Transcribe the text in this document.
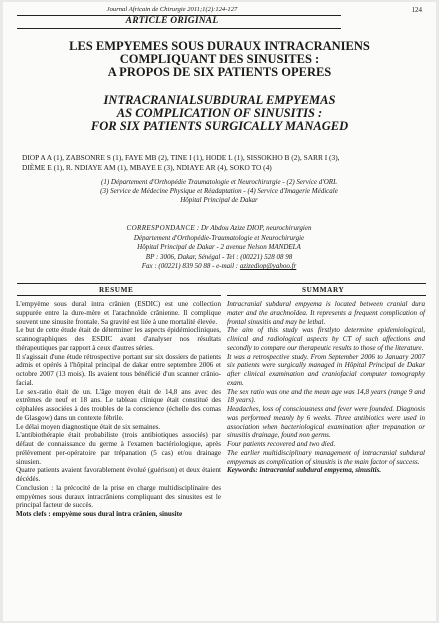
Journal Africain de Chirurgie 2011;1(2):124-127	124
ARTICLE ORIGINAL
LES EMPYEMES SOUS DURAUX INTRACRANIENS
COMPLIQUANT DES SINUSITES :
A PROPOS DE SIX PATIENTS OPERES
INTRACRANIALSUBDURAL EMPYEMAS
AS COMPLICATION OF SINUSITIS :
FOR SIX PATIENTS SURGICALLY MANAGED
DIOP A A (1), ZABSONRE S (1), FAYE MB (2), TINE I (1), HODE L (1), SISSOKHO B (2), SARR I (3),
DIÈME E (1), R. NDIAYE AM (1), MBAYE E (3), NDIAYE AR (4), SOKO TO (4)
(1) Département d'Orthopédie Traumatologie et Neurochirurgie - (2) Service d'ORL
(3) Service de Médecine Physique et Réadaptation - (4) Service d'Imagerie Médicale
Hôpital Principal de Dakar
CORRESPONDANCE : Dr Abdou Azize DIOP, neurochirurgien
Département d'Orthopédie-Traumatologie et Neurochirurgie
Hôpital Principal de Dakar - 2 avenue Nelson MANDELA
BP : 3006, Dakar, Sénégal - Tel : (00221) 528 08 98
Fax : (00221) 839 50 88 - e-mail : azizediop@yahoo.fr
RESUME	SUMMARY

L'empyème sous dural intra crânien (ESDIC) est une collection suppurée entre la dure-mère et l'arachnoïde crânienne. Il complique souvent une sinusite frontale. Sa gravité est liée à une mortalité élevée.

Le but de cette étude était de déterminer les aspects épidémiocliniques, scannographiques des ESDIC avant d'analyser nos résultats thérapeutiques par rapport à ceux d'autres séries.

Il s'agissait d'une étude rétrospective portant sur six dossiers de patients admis et opérés à l'hôpital principal de dakar entre septembre 2006 et octobre 2007 (13 mois). Ils avaient tous bénéficié d'un scanner crânio-facial.

Le sex-ratio était de un. L'âge moyen était de 14,8 ans avec des extrêmes de neuf et 18 ans. Le tableau clinique était constitué des céphalées associées à des troubles de la conscience (échelle des comas de Glasgow) dans un contexte fébrile.

Le délai moyen diagnostique était de six semaines.

L'antibiothérapie était probabiliste (trois antibiotiques associés) par défaut de connaissance du germe à l'examen bactériologique, après prélèvement per-opératoire par trépanation (5 cas) et/ou drainage sinusien.

Quatre patients avaient favorablement évolué (guérison) et deux étaient décédés.

Conclusion : la précocité de la prise en charge multidisciplinaire des empyèmes sous duraux intracrâniens compliquant des sinusites est le principal facteur de succès.

Mots clefs : empyème sous dural intra crânien, sinusite

Intracranial subdural empyema is located between cranial dura mater and the arachnoïdea. It represents a frequent complication of frontal sinusitis and may be lethal.

The aim of this study was firstlyto determine epidemiological, clinical and radiological aspects by CT of such affections and secondly to compare our therapeutic results to those of the literature.

It was a retrospective study. From September 2006 to January 2007 six patients were surgically managed in Hôpital Principal de Dakar after clinical examination and craniofacial computer tomography exam.

The sex ratio was one and the mean age was 14,8 years (range 9 and 18 years).

Headaches, loss of consciousness and fever were founded. Diagnosis was performed meanly by 6 weeks. Three antibiotics were used in association when bacteriological examination after trepanation or sinusitis drainage, found non germs.

Four patients recovered and two died.

The earlier multidisciplinary management of intracranial subdural empyemas as complication of sinusitis is the main factor of success.

Keywords: intracranial subdural empyema, sinusitis.
